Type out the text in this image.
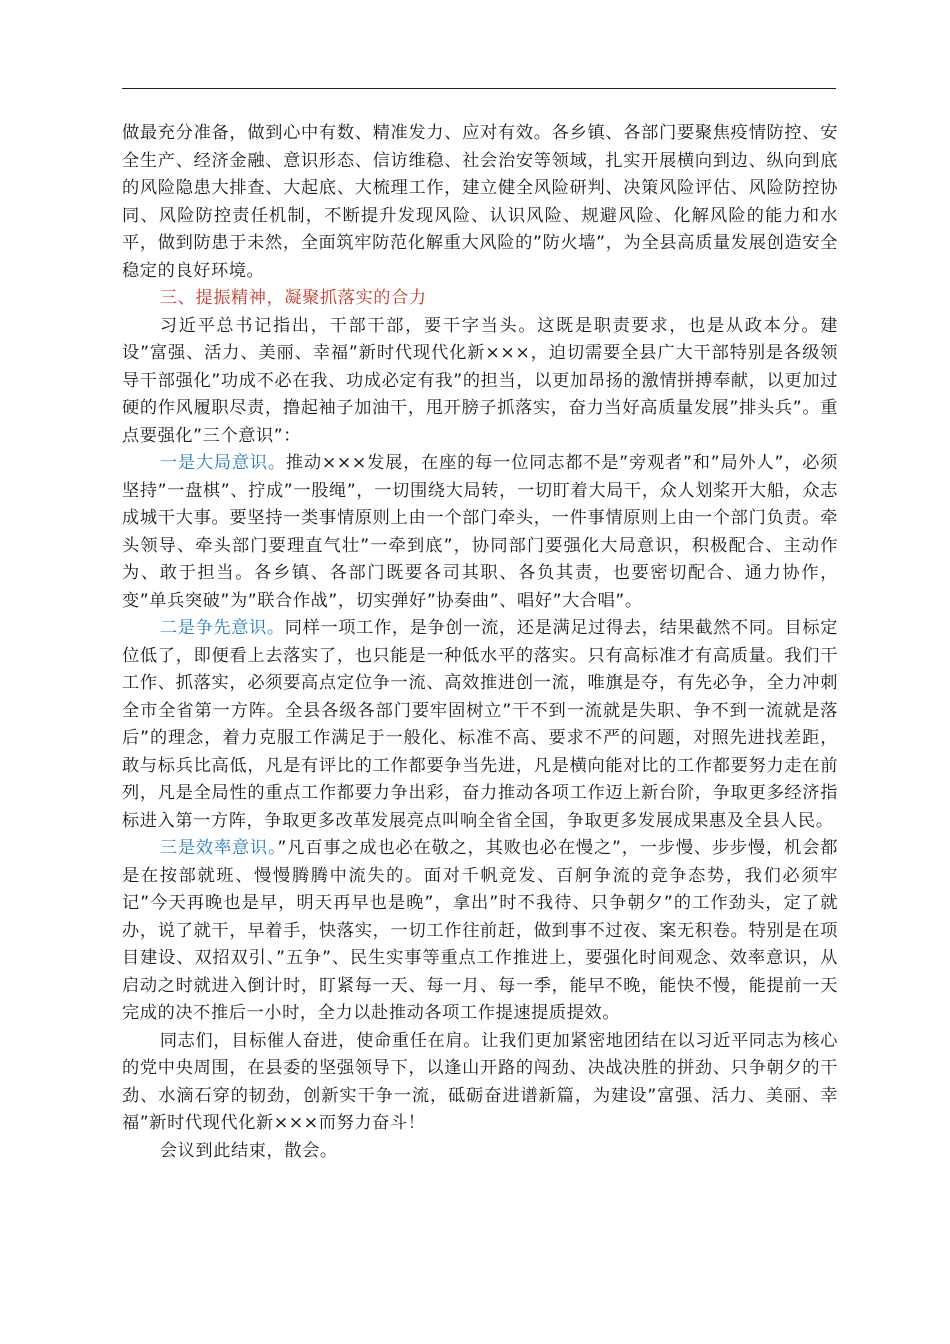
做最充分准备，做到心中有数、精准发力、应对有效。各乡镇、各部门要聚焦疫情防控、安全生产、经济金融、意识形态、信访维稳、社会治安等领域，扎实开展横向到边、纵向到底的风险隐患大排查、大起底、大梳理工作，建立健全风险研判、决策风险评估、风险防控协同、风险防控责任机制，不断提升发现风险、认识风险、规避风险、化解风险的能力和水平，做到防患于未然，全面筑牢防范化解重大风险的”防火墙”，为全县高质量发展创造安全稳定的良好环境。

三、提振精神，凝聚抓落实的合力

习近平总书记指出，干部干部，要干字当头。这既是职责要求，也是从政本分。建设”富强、活力、美丽、幸福”新时代现代化新×××，迫切需要全县广大干部特别是各级领导干部强化”功成不必在我、功成必定有我”的担当，以更加昂扬的激情拼搏奉献，以更加过硬的作风履职尽责，撸起袖子加油干，甩开膀子抓落实，奋力当好高质量发展”排头兵”。重点要强化”三个意识”：

一是大局意识。推动×××发展，在座的每一位同志都不是”旁观者”和”局外人”，必须坚持”一盘棋”、拧成”一股绳”，一切围绕大局转，一切盯着大局干，众人划桨开大船，众志成城干大事。要坚持一类事情原则上由一个部门牵头，一件事情原则上由一个部门负责。牵头领导、牵头部门要理直气壮”一牵到底”，协同部门要强化大局意识，积极配合、主动作为、敢于担当。各乡镇、各部门既要各司其职、各负其责，也要密切配合、通力协作，变”单兵突破”为”联合作战”，切实弹好”协奏曲”、唱好”大合唱”。

二是争先意识。同样一项工作，是争创一流，还是满足过得去，结果截然不同。目标定位低了，即便看上去落实了，也只能是一种低水平的落实。只有高标准才有高质量。我们干工作、抓落实，必须要高点定位争一流、高效推进创一流，唯旗是夺，有先必争，全力冲刺全市全省第一方阵。全县各级各部门要牢固树立”干不到一流就是失职、争不到一流就是落后”的理念，着力克服工作满足于一般化、标准不高、要求不严的问题，对照先进找差距，敢与标兵比高低，凡是有评比的工作都要争当先进，凡是横向能对比的工作都要努力走在前列，凡是全局性的重点工作都要力争出彩，奋力推动各项工作迈上新台阶，争取更多经济指标进入第一方阵，争取更多改革发展亮点叫响全省全国，争取更多发展成果惠及全县人民。

三是效率意识。”凡百事之成也必在敬之，其败也必在慢之”，一步慢、步步慢，机会都是在按部就班、慢慢腾腾中流失的。面对千帆竞发、百舸争流的竞争态势，我们必须牢记”今天再晚也是早，明天再早也是晚”，拿出”时不我待、只争朝夕”的工作劲头，定了就办，说了就干，早着手，快落实，一切工作往前赶，做到事不过夜、案无积卷。特别是在项目建设、双招双引、”五争”、民生实事等重点工作推进上，要强化时间观念、效率意识，从启动之时就进入倒计时，盯紧每一天、每一月、每一季，能早不晚，能快不慢，能提前一天完成的决不推后一小时，全力以赴推动各项工作提速提质提效。

同志们，目标催人奋进，使命重任在肩。让我们更加紧密地团结在以习近平同志为核心的党中央周围，在县委的坚强领导下，以逢山开路的闯劲、决战决胜的拼劲、只争朝夕的干劲、水滴石穿的韧劲，创新实干争一流，砥砺奋进谱新篇，为建设”富强、活力、美丽、幸福”新时代现代化新×××而努力奋斗！

会议到此结束，散会。
